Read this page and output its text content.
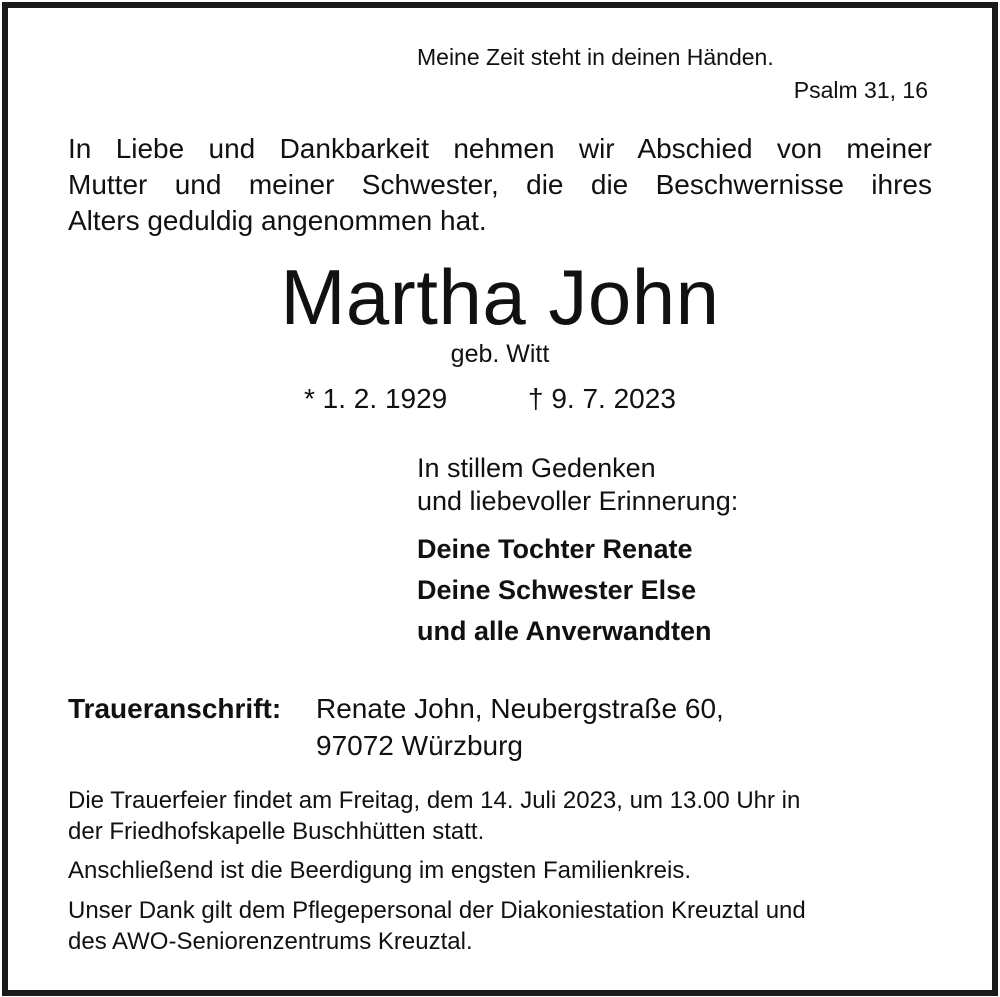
Meine Zeit steht in deinen Händen.
Psalm 31, 16
In Liebe und Dankbarkeit nehmen wir Abschied von meiner
Mutter und meiner Schwester, die die Beschwernisse ihres
Alters geduldig angenommen hat.
Martha John
geb. Witt
* 1. 2. 1929	† 9. 7. 2023
In stillem Gedenken
und liebevoller Erinnerung:
Deine Tochter Renate
Deine Schwester Else
und alle Anverwandten
Traueranschrift: Renate John, Neubergstraße 60,
97072 Würzburg
Die Trauerfeier findet am Freitag, dem 14. Juli 2023, um 13.00 Uhr in
der Friedhofskapelle Buschhütten statt.
Anschließend ist die Beerdigung im engsten Familienkreis.
Unser Dank gilt dem Pflegepersonal der Diakoniestation Kreuztal und
des AWO-Seniorenzentrums Kreuztal.
